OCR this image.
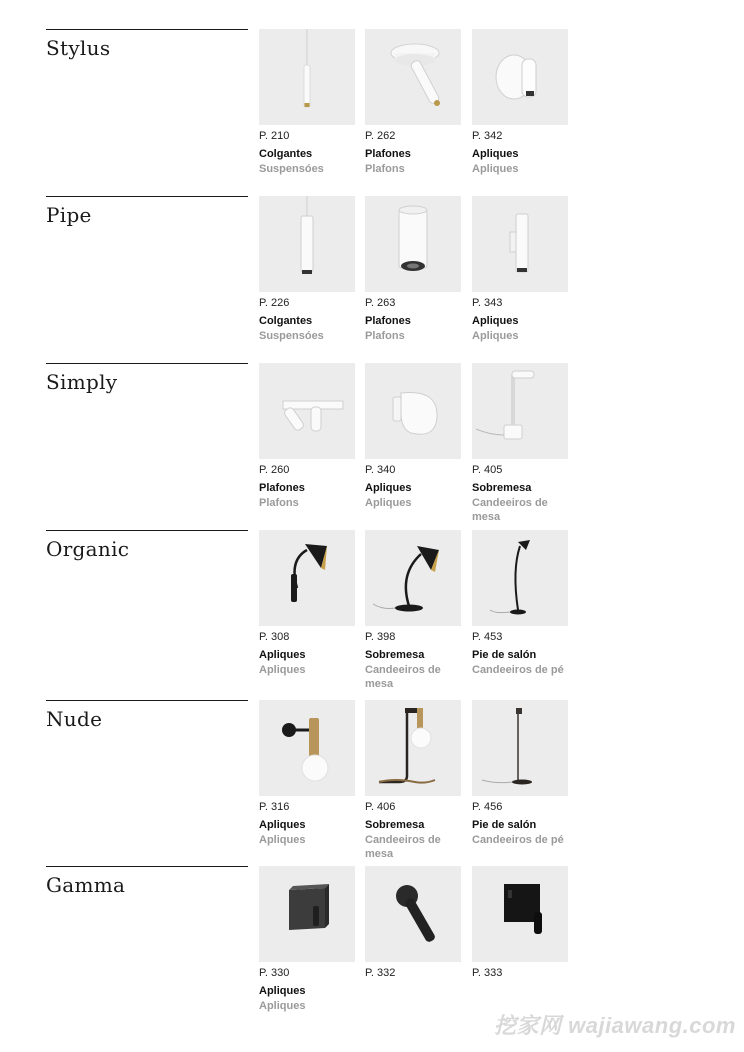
Stylus
P. 210
Colgantes
Suspensóes
P. 262
Plafones
Plafons
P. 342
Apliques
Apliques
Pipe
P. 226
Colgantes
Suspensóes
P. 263
Plafones
Plafons
P. 343
Apliques
Apliques
Simply
P. 260
Plafones
Plafons
P. 340
Apliques
Apliques
P. 405
Sobremesa
Candeeiros de mesa
Organic
P. 308
Apliques
Apliques
P. 398
Sobremesa
Candeeiros de mesa
P. 453
Pie de salón
Candeeiros de pé
Nude
P. 316
Apliques
Apliques
P. 406
Sobremesa
Candeeiros de mesa
P. 456
Pie de salón
Candeeiros de pé
Gamma
P. 330
Apliques
Apliques
P. 332	P. 333
挖家网 wajiawang.com
